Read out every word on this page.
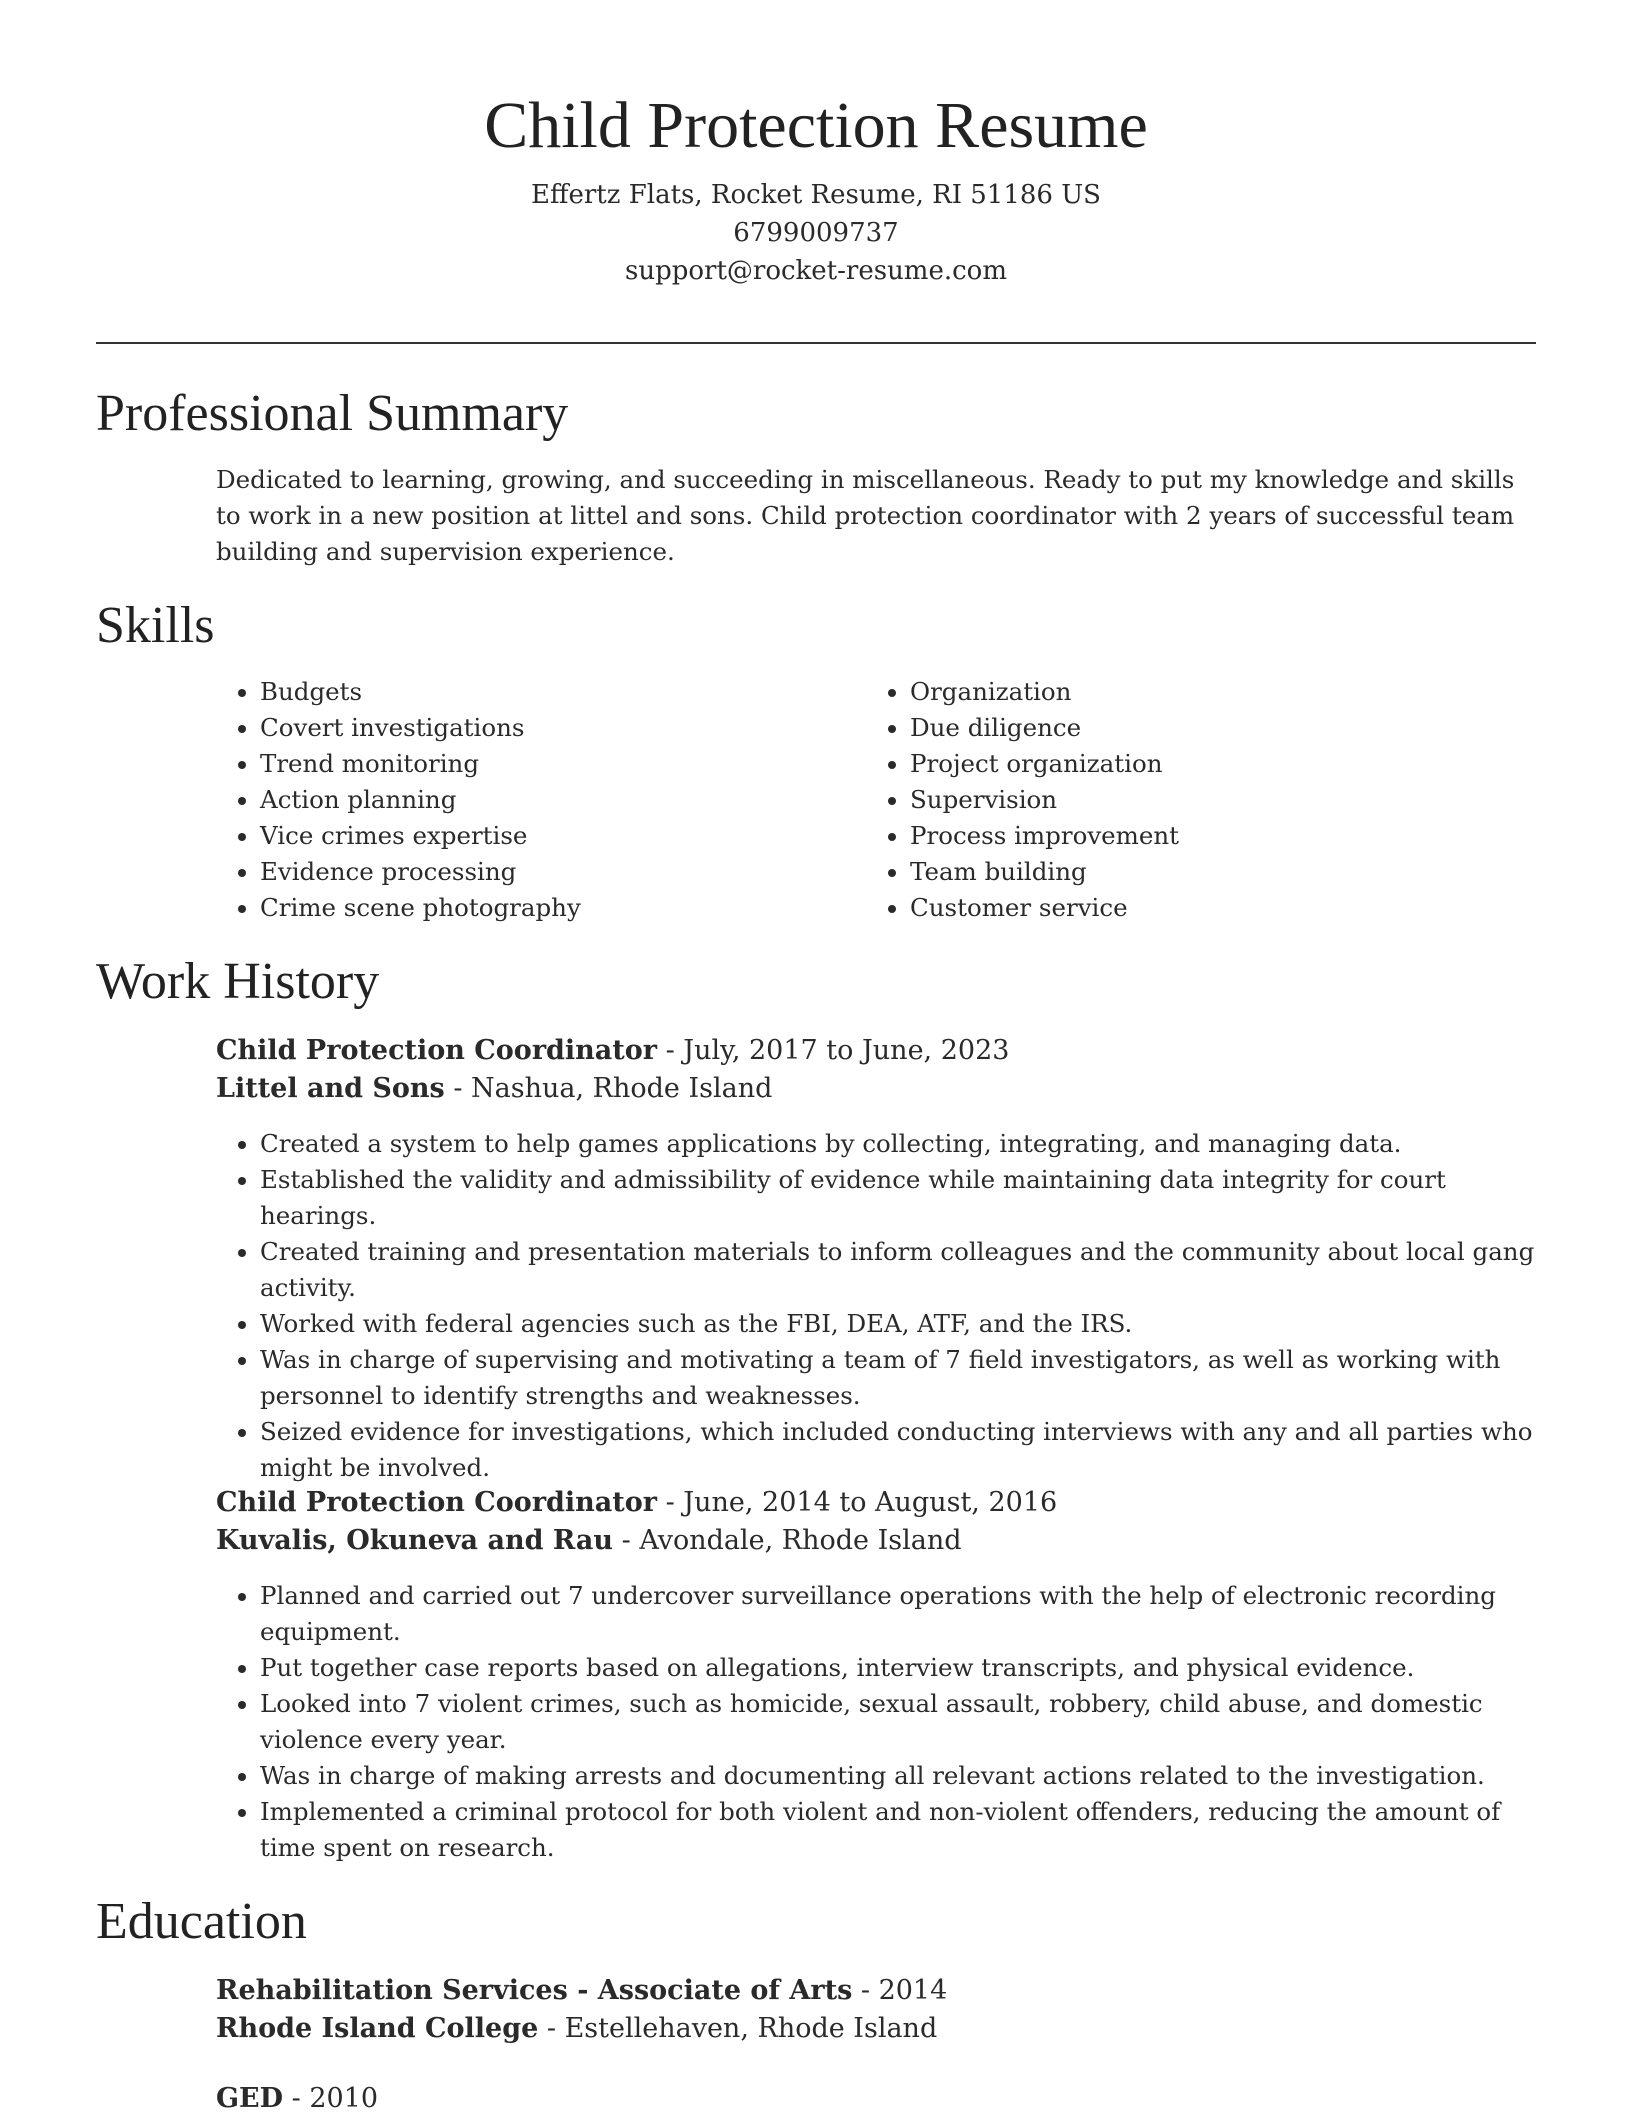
Child Protection Resume
Effertz Flats, Rocket Resume, RI 51186 US
6799009737
support@rocket-resume.com
Professional Summary

Dedicated to learning, growing, and succeeding in miscellaneous. Ready to put my knowledge and skills to work in a new position at littel and sons. Child protection coordinator with 2 years of successful team building and supervision experience.

Skills
• Budgets
• Covert investigations
• Trend monitoring
• Action planning
• Vice crimes expertise
• Evidence processing
• Crime scene photography
• Organization
• Due diligence
• Project organization
• Supervision
• Process improvement
• Team building
• Customer service
Work History
Child Protection Coordinator - July, 2017 to June, 2023
Littel and Sons - Nashua, Rhode Island
• Created a system to help games applications by collecting, integrating, and managing data.
• Established the validity and admissibility of evidence while maintaining data integrity for court hearings.
• Created training and presentation materials to inform colleagues and the community about local gang activity.
• Worked with federal agencies such as the FBI, DEA, ATF, and the IRS.
• Was in charge of supervising and motivating a team of 7 field investigators, as well as working with personnel to identify strengths and weaknesses.
• Seized evidence for investigations, which included conducting interviews with any and all parties who might be involved.
Child Protection Coordinator - June, 2014 to August, 2016
Kuvalis, Okuneva and Rau - Avondale, Rhode Island
• Planned and carried out 7 undercover surveillance operations with the help of electronic recording equipment.
• Put together case reports based on allegations, interview transcripts, and physical evidence.
• Looked into 7 violent crimes, such as homicide, sexual assault, robbery, child abuse, and domestic violence every year.
• Was in charge of making arrests and documenting all relevant actions related to the investigation.
• Implemented a criminal protocol for both violent and non-violent offenders, reducing the amount of time spent on research.
Education
Rehabilitation Services - Associate of Arts - 2014
Rhode Island College - Estellehaven, Rhode Island
GED - 2010
